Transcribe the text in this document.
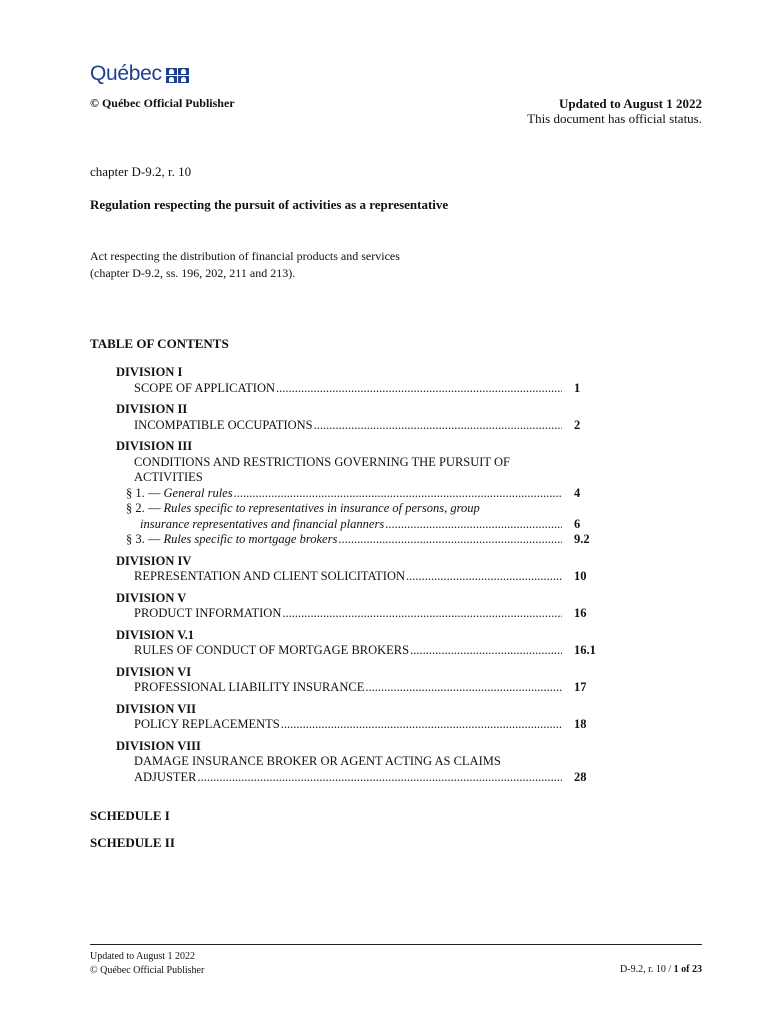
Québec
© Québec Official Publisher	Updated to August 1 2022
This document has official status.
chapter D-9.2, r. 10
Regulation respecting the pursuit of activities as a representative
Act respecting the distribution of financial products and services
(chapter D-9.2, ss. 196, 202, 211 and 213).
TABLE OF CONTENTS
DIVISION I
SCOPE OF APPLICATION .....	1
DIVISION II
INCOMPATIBLE OCCUPATIONS .....	2
DIVISION III
CONDITIONS AND RESTRICTIONS GOVERNING THE PURSUIT OF
ACTIVITIES
§ 1. — General rules .....	4
§ 2. — Rules specific to representatives in insurance of persons, group
insurance representatives and financial planners .....	6
§ 3. — Rules specific to mortgage brokers .....	9.2
DIVISION IV
REPRESENTATION AND CLIENT SOLICITATION .....	10
DIVISION V
PRODUCT INFORMATION .....	16
DIVISION V.1
RULES OF CONDUCT OF MORTGAGE BROKERS .....	16.1
DIVISION VI
PROFESSIONAL LIABILITY INSURANCE .....	17
DIVISION VII
POLICY REPLACEMENTS .....	18
DIVISION VIII
DAMAGE INSURANCE BROKER OR AGENT ACTING AS CLAIMS
ADJUSTER .....	28
SCHEDULE I
SCHEDULE II
Updated to August 1 2022
© Québec Official Publisher	D-9.2, r. 10 / 1 of 23
